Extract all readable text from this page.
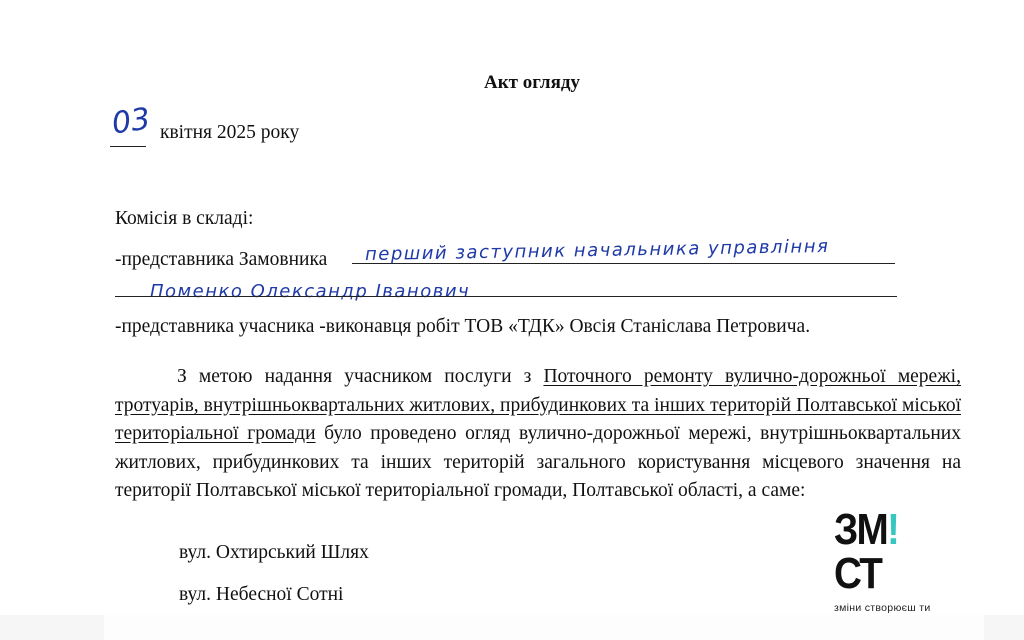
Акт огляду
03 квітня 2025 року
Комісія в складі:
-представника Замовника перший заступник начальника управління
Поменко Олександр Іванович
-представника учасника -виконавця робіт ТОВ «ТДК» Овсія Станіслава Петровича.
З метою надання учасником послуги з Поточного ремонту вулично-дорожньої мережі, тротуарів, внутрішньоквартальних житлових, прибудинкових та інших територій Полтавської міської територіальної громади було проведено огляд вулично-дорожньої мережі, внутрішньоквартальних житлових, прибудинкових та інших територій загального користування місцевого значення на території Полтавської міської територіальної громади, Полтавської області, а саме:
вул. Охтирський Шлях
вул. Небесної Сотні
ЗМ!СТ
зміни створюєш ти
